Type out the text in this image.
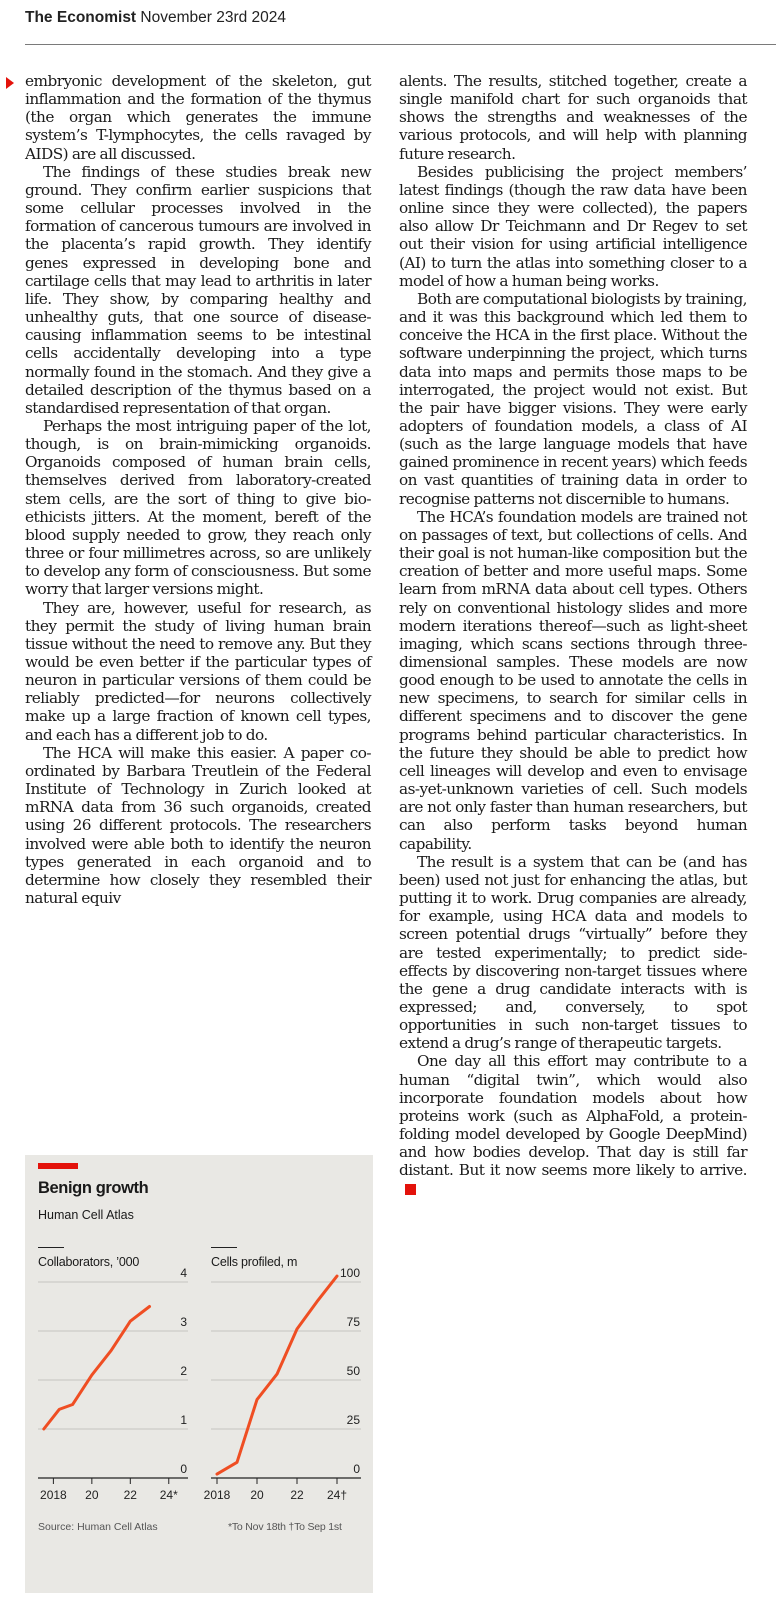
The Economist November 23rd 2024

embryonic development of the skeleton, gut inflammation and the formation of the thymus (the organ which generates the immune system’s T-lymphocytes, the cells ravaged by AIDS) are all discussed.

The findings of these studies break new ground. They confirm earlier suspicions that some cellular processes involved in the formation of cancerous tumours are involved in the placenta’s rapid growth. They identify genes expressed in developing bone and cartilage cells that may lead to arthritis in later life. They show, by comparing healthy and unhealthy guts, that one source of disease-causing inflammation seems to be intestinal cells accidentally developing into a type normally found in the stomach. And they give a detailed description of the thymus based on a standardised representation of that organ.

Perhaps the most intriguing paper of the lot, though, is on brain-mimicking organoids. Organoids composed of human brain cells, themselves derived from laboratory-created stem cells, are the sort of thing to give bio-ethicists jitters. At the moment, bereft of the blood supply needed to grow, they reach only three or four millimetres across, so are unlikely to develop any form of consciousness. But some worry that larger versions might.

They are, however, useful for research, as they permit the study of living human brain tissue without the need to remove any. But they would be even better if the particular types of neuron in particular versions of them could be reliably predicted—for neurons collectively make up a large fraction of known cell types, and each has a different job to do.

The HCA will make this easier. A paper co-ordinated by Barbara Treutlein of the Federal Institute of Technology in Zurich looked at mRNA data from 36 such organoids, created using 26 different protocols. The researchers involved were able both to identify the neuron types generated in each organoid and to determine how closely they resembled their natural equiv

alents. The results, stitched together, create a single manifold chart for such organoids that shows the strengths and weaknesses of the various protocols, and will help with planning future research.

Besides publicising the project members’ latest findings (though the raw data have been online since they were collected), the papers also allow Dr Teichmann and Dr Regev to set out their vision for using artificial intelligence (AI) to turn the atlas into something closer to a model of how a human being works.

Both are computational biologists by training, and it was this background which led them to conceive the HCA in the first place. Without the software underpinning the project, which turns data into maps and permits those maps to be interrogated, the project would not exist. But the pair have bigger visions. They were early adopters of foundation models, a class of AI (such as the large language models that have gained prominence in recent years) which feeds on vast quantities of training data in order to recognise patterns not discernible to humans.

The HCA’s foundation models are trained not on passages of text, but collections of cells. And their goal is not human-like composition but the creation of better and more useful maps. Some learn from mRNA data about cell types. Others rely on conventional histology slides and more modern iterations thereof—such as light-sheet imaging, which scans sections through three-dimensional samples. These models are now good enough to be used to annotate the cells in new specimens, to search for similar cells in different specimens and to discover the gene programs behind particular characteristics. In the future they should be able to predict how cell lineages will develop and even to envisage as-yet-unknown varieties of cell. Such models are not only faster than human researchers, but can also perform tasks beyond human capability.

The result is a system that can be (and has been) used not just for enhancing the atlas, but putting it to work. Drug companies are already, for example, using HCA data and models to screen potential drugs “virtually” before they are tested experimentally; to predict side-effects by discovering non-target tissues where the gene a drug candidate interacts with is expressed; and, conversely, to spot opportunities in such non-target tissues to extend a drug’s range of therapeutic targets.

One day all this effort may contribute to a human “digital twin”, which would also incorporate foundation models about how proteins work (such as AlphaFold, a protein-folding model developed by Google DeepMind) and how bodies develop. That day is still far distant. But it now seems more likely to arrive.

Benign growth
Human Cell Atlas
Collaborators, ’000	Cells profiled, m
0
1
2
3
4
2018 20 22 24*
0
25
50
75
100
2018 20 22 24†
Source: Human Cell Atlas	*To Nov 18th †To Sep 1st
